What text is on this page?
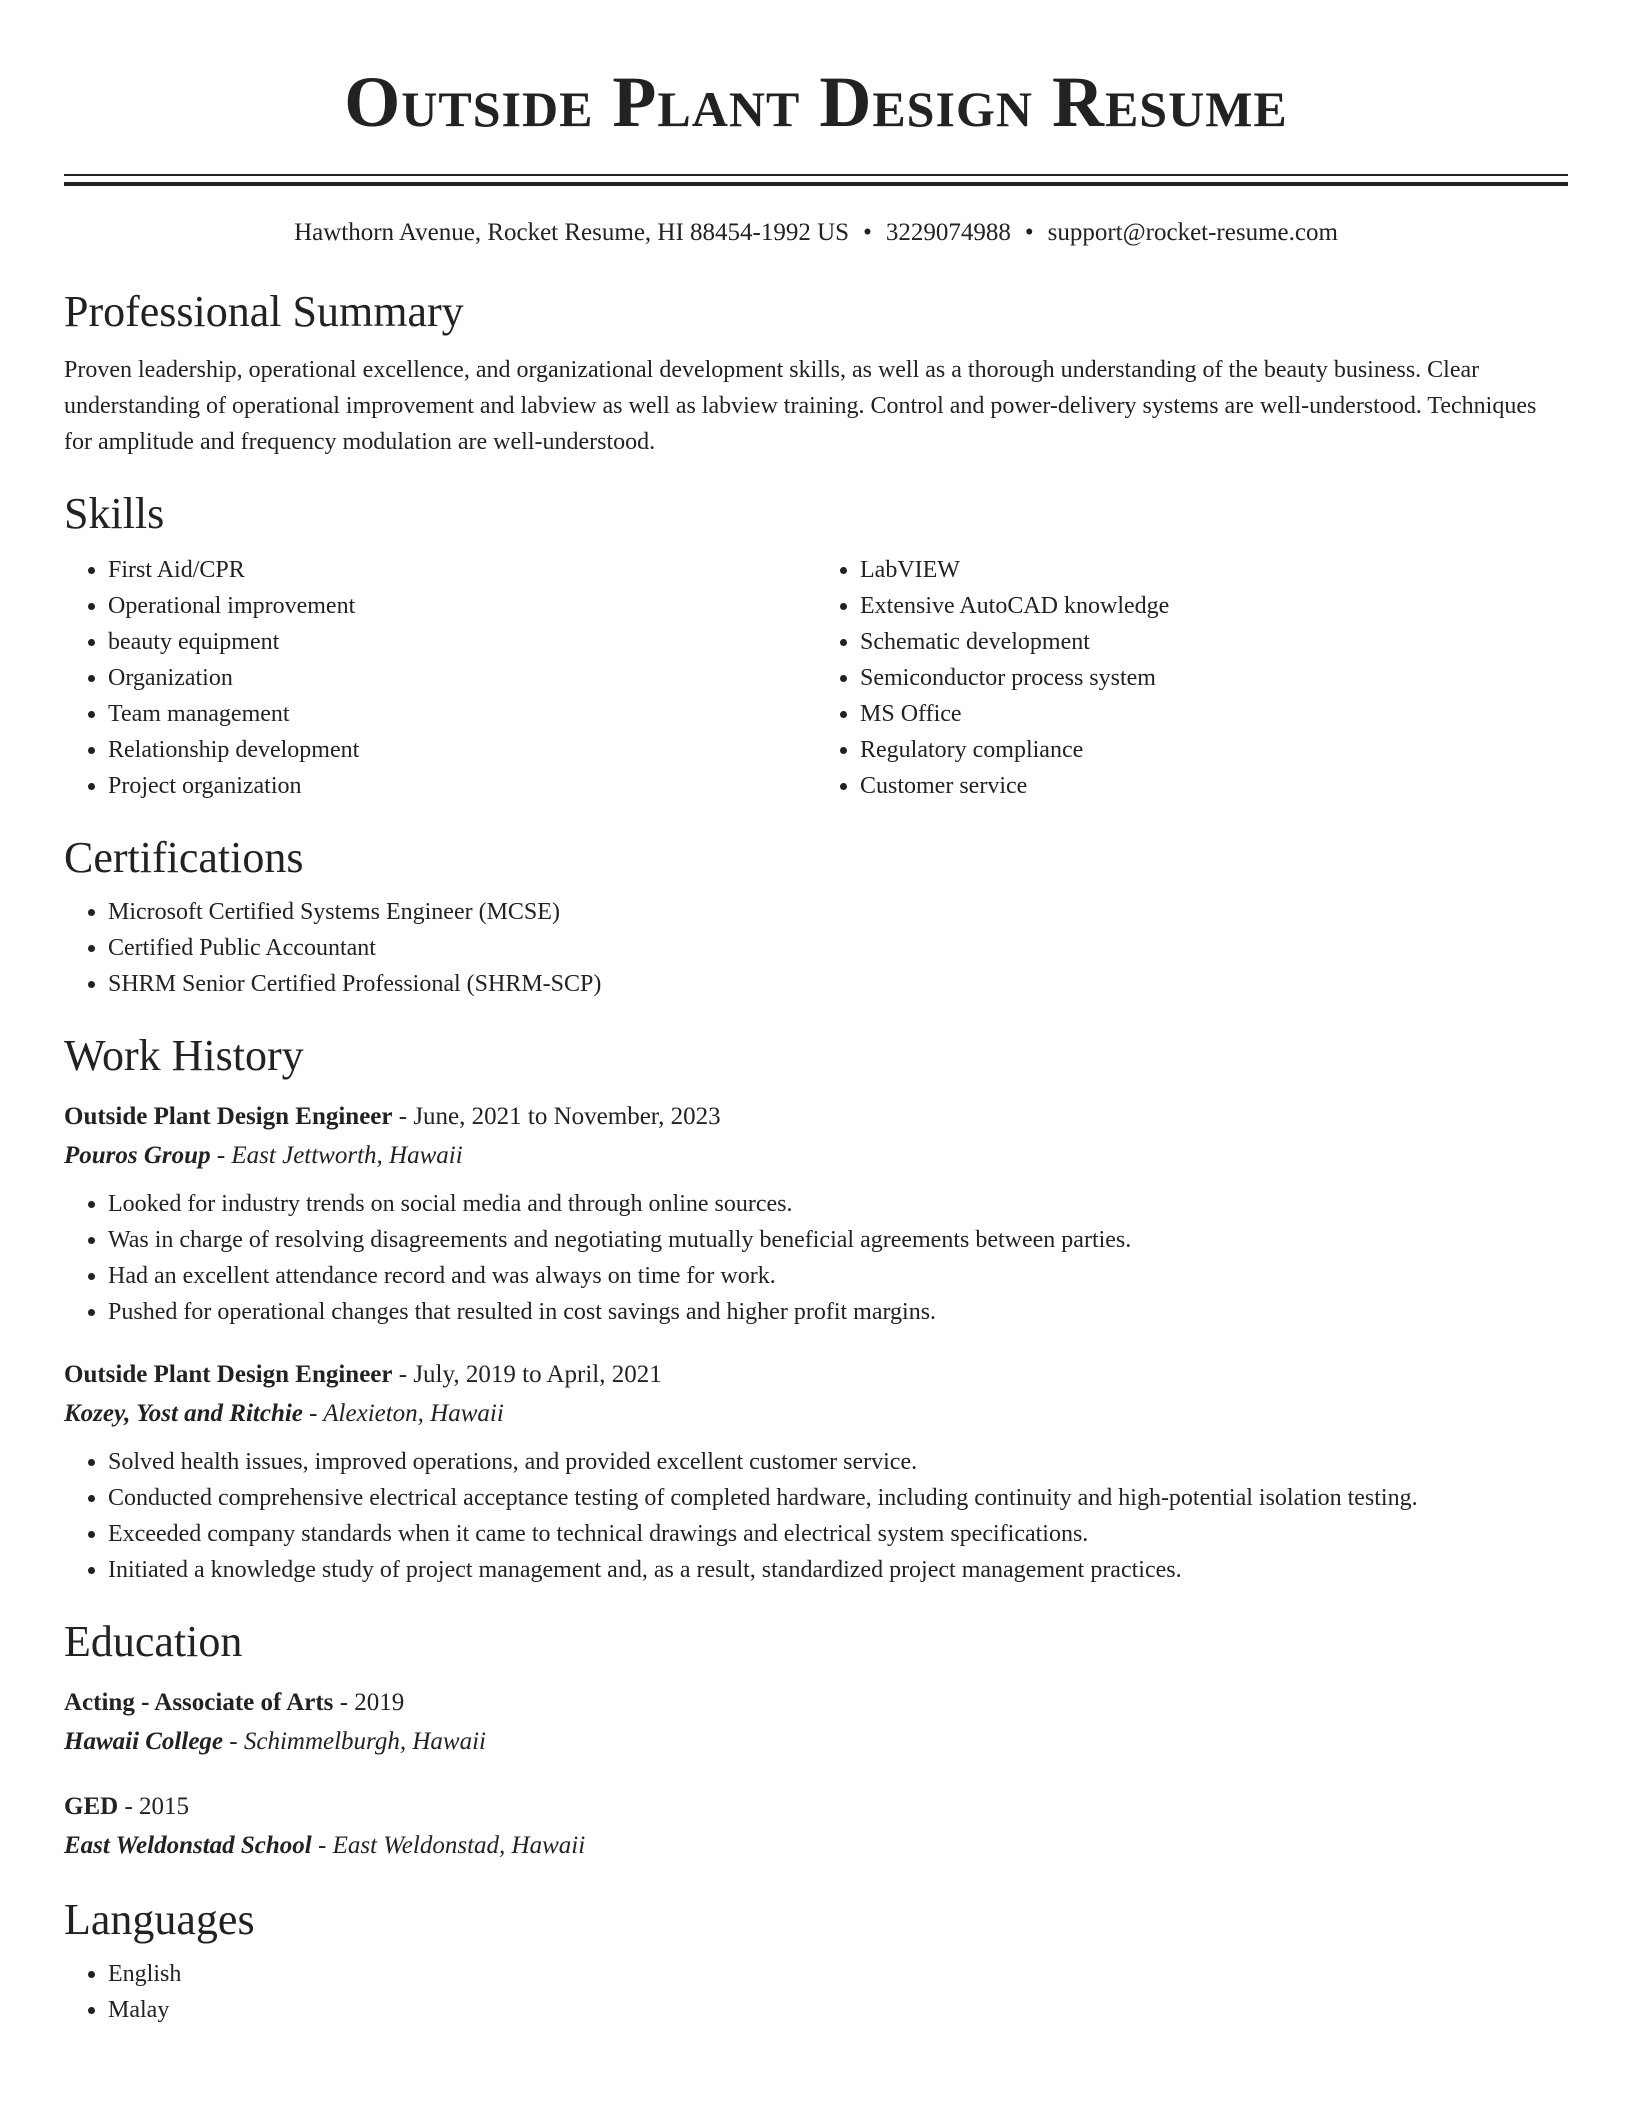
Outside Plant Design Resume
Hawthorn Avenue, Rocket Resume, HI 88454-1992 US • 3229074988 • support@rocket-resume.com
Professional Summary

Proven leadership, operational excellence, and organizational development skills, as well as a thorough understanding of the beauty business. Clear understanding of operational improvement and labview as well as labview training. Control and power-delivery systems are well-understood. Techniques for amplitude and frequency modulation are well-understood.

Skills
• First Aid/CPR
• Operational improvement
• beauty equipment
• Organization
• Team management
• Relationship development
• Project organization
• LabVIEW
• Extensive AutoCAD knowledge
• Schematic development
• Semiconductor process system
• MS Office
• Regulatory compliance
• Customer service
Certifications
• Microsoft Certified Systems Engineer (MCSE)
• Certified Public Accountant
• SHRM Senior Certified Professional (SHRM-SCP)
Work History
Outside Plant Design Engineer - June, 2021 to November, 2023
Pouros Group - East Jettworth, Hawaii
• Looked for industry trends on social media and through online sources.
• Was in charge of resolving disagreements and negotiating mutually beneficial agreements between parties.
• Had an excellent attendance record and was always on time for work.
• Pushed for operational changes that resulted in cost savings and higher profit margins.
Outside Plant Design Engineer - July, 2019 to April, 2021
Kozey, Yost and Ritchie - Alexieton, Hawaii
• Solved health issues, improved operations, and provided excellent customer service.
• Conducted comprehensive electrical acceptance testing of completed hardware, including continuity and high-potential isolation testing.
• Exceeded company standards when it came to technical drawings and electrical system specifications.
• Initiated a knowledge study of project management and, as a result, standardized project management practices.
Education
Acting - Associate of Arts - 2019
Hawaii College - Schimmelburgh, Hawaii
GED - 2015
East Weldonstad School - East Weldonstad, Hawaii
Languages
• English
• Malay
